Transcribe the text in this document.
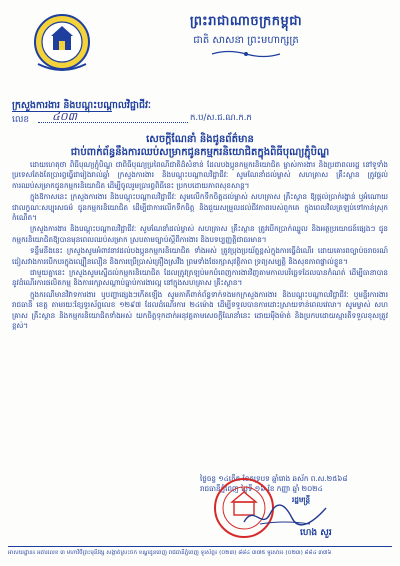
ព្រះរាជាណាចក្រកម្ពុជា
ជាតិ សាសនា ព្រះមហាក្សត្រ
ក្រសួងការងារ និងបណ្តុះបណ្តាលវិជ្ជាជីវៈ
លេខ ៤០៣	ក.ប/ស.ជ.ណ.ក.ក
សេចក្តីណែនាំ និងជូនព័ត៌មាន
ជាប់ពាក់ព័ន្ធនឹងការឈប់សម្រាកជូនកម្មករនិយោជិតក្នុងពិធីបុណ្យភ្ជុំបិណ្ឌ

ដោយហេតុថា ពិធីបុណ្យភ្ជុំបិណ្ឌ ជាពិធីបុណ្យប្រពៃណីជាតិដ៏សំខាន់ ដែលបងប្អូនកម្មករនិយោជិត ម្ចាស់ការងារ និងប្រជាពលរដ្ឋ នៅទូទាំងប្រទេសតែងតែប្រារព្ធធ្វើជារៀងរាល់ឆ្នាំ ក្រសួងការងារ និងបណ្តុះបណ្តាលវិជ្ជាជីវៈ សូមណែនាំដល់ម្ចាស់ សហគ្រាស គ្រឹះស្ថាន ត្រូវផ្តល់ការឈប់សម្រាកជូនកម្មករនិយោជិត ដើម្បីចូលរួមប្រារព្ធពិធីនេះ ប្រកបដោយភាពសុខសាន្ត។

ក្នុងឱកាសនេះ ក្រសួងការងារ និងបណ្តុះបណ្តាលវិជ្ជាជីវៈ សូមលើកទឹកចិត្តដល់ម្ចាស់ សហគ្រាស គ្រឹះស្ថាន ឱ្យផ្តល់ប្រាក់រង្វាន់ ឬអំណោយជាលក្ខណៈសប្បុរសធម៌ ជូនកម្មករនិយោជិត ដើម្បីជាការលើកទឹកចិត្ត និងជួយសម្រួលដល់ជីវភាពរបស់ពួកគេ ក្នុងពេលវិលត្រឡប់ទៅកាន់ស្រុកកំណើត។

ក្រសួងការងារ និងបណ្តុះបណ្តាលវិជ្ជាជីវៈ សូមណែនាំដល់ម្ចាស់ សហគ្រាស គ្រឹះស្ថាន ត្រូវបើកប្រាក់ឈ្នួល និងអត្ថប្រយោជន៍ផ្សេងៗ ជូនកម្មករនិយោជិតឱ្យបានមុនពេលឈប់សម្រាក ស្របតាមច្បាប់ស្តីពីការងារ និងបទប្បញ្ញត្តិជាធរមាន។

ទន្ទឹមនឹងនេះ ក្រសួងសូមអំពាវនាវដល់បងប្អូនកម្មករនិយោជិត ទាំងអស់ ត្រូវប្រុងប្រយ័ត្នខ្ពស់ក្នុងការធ្វើដំណើរ ដោយគោរពច្បាប់ចរាចរណ៍ ជៀសវាងការបើកបរក្នុងល្បឿនលឿន និងការប្រើប្រាស់គ្រឿងស្រវឹង ព្រមទាំងថែរក្សាសុវត្ថិភាព ទ្រព្យសម្បត្តិ និងសុខភាពផ្ទាល់ខ្លួន។

ជាមួយគ្នានេះ ក្រសួងសូមស្នើដល់កម្មករនិយោជិត ដែលត្រូវត្រឡប់មកបំពេញការងារវិញតាមកាលបរិច្ឆេទដែលបានកំណត់ ដើម្បីធានាបាននូវដំណើរការផលិតកម្ម និងការរក្សាសណ្តាប់ធ្នាប់ការងារល្អ នៅក្នុងសហគ្រាស គ្រឹះស្ថាន។

ក្នុងករណីមានវិវាទការងារ ឬបញ្ហាផ្សេងៗកើតឡើង សូមភាគីពាក់ព័ន្ធទាក់ទងមកក្រសួងការងារ និងបណ្តុះបណ្តាលវិជ្ជាជីវៈ ឬមន្ទីរការងារ រាជធានី ខេត្ត តាមរយៈខ្សែទូរស័ព្ទលេខ ១២៩៧ ដែលដំណើរការ ២៤ម៉ោង ដើម្បីទទួលបានការដោះស្រាយទាន់ពេលវេលា។ សូមម្ចាស់ សហគ្រាស គ្រឹះស្ថាន និងកម្មករនិយោជិតទាំងអស់ យកចិត្តទុកដាក់អនុវត្តតាមសេចក្តីណែនាំនេះ ដោយម៉ឺងម៉ាត់ និងប្រកបដោយស្មារតីទទួលខុសត្រូវខ្ពស់។

ថ្ងៃចន្ទ ១៤កើត ខែភទ្របទ ឆ្នាំរោង ឆស័ក ព.ស.២៥៦៨
រាជធានីភ្នំពេញ ថ្ងៃទី ១៦ ខែ កញ្ញា ឆ្នាំ ២០២៤
រដ្ឋមន្ត្រី
ហេង សួរ
អាសយដ្ឋាន៖ អគារលេខ ៣ មហាវិថីព្រះមុនីវង្ស សង្កាត់ស្រះចក ខណ្ឌដូនពេញ រាជធានីភ្នំពេញ ទូរស័ព្ទ៖ (០២៣) ៨៨៤ ៣៧៥ ទូរសារ៖ (០២៣) ៨៨៤ ៣៧៦
